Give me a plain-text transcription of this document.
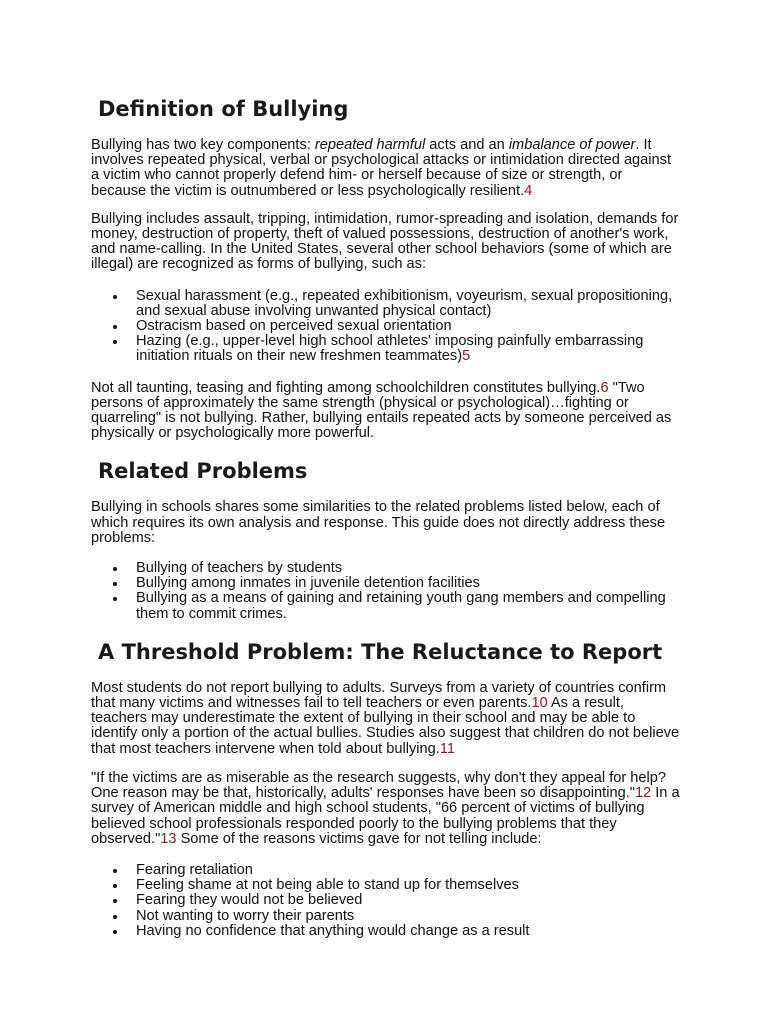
Definition of Bullying

Bullying has two key components: repeated harmful acts and an imbalance of power. It involves repeated physical, verbal or psychological attacks or intimidation directed against a victim who cannot properly defend him- or herself because of size or strength, or because the victim is outnumbered or less psychologically resilient.4

Bullying includes assault, tripping, intimidation, rumor-spreading and isolation, demands for money, destruction of property, theft of valued possessions, destruction of another's work, and name-calling. In the United States, several other school behaviors (some of which are illegal) are recognized as forms of bullying, such as:

Sexual harassment (e.g., repeated exhibitionism, voyeurism, sexual propositioning, and sexual abuse involving unwanted physical contact)
Ostracism based on perceived sexual orientation
Hazing (e.g., upper-level high school athletes' imposing painfully embarrassing initiation rituals on their new freshmen teammates)5

Not all taunting, teasing and fighting among schoolchildren constitutes bullying.6 "Two persons of approximately the same strength (physical or psychological)…fighting or quarreling" is not bullying. Rather, bullying entails repeated acts by someone perceived as physically or psychologically more powerful.

Related Problems

Bullying in schools shares some similarities to the related problems listed below, each of which requires its own analysis and response. This guide does not directly address these problems:

Bullying of teachers by students
Bullying among inmates in juvenile detention facilities
Bullying as a means of gaining and retaining youth gang members and compelling them to commit crimes.
A Threshold Problem: The Reluctance to Report

Most students do not report bullying to adults. Surveys from a variety of countries confirm that many victims and witnesses fail to tell teachers or even parents.10 As a result, teachers may underestimate the extent of bullying in their school and may be able to identify only a portion of the actual bullies. Studies also suggest that children do not believe that most teachers intervene when told about bullying.11

"If the victims are as miserable as the research suggests, why don't they appeal for help? One reason may be that, historically, adults' responses have been so disappointing."12 In a survey of American middle and high school students, "66 percent of victims of bullying believed school professionals responded poorly to the bullying problems that they observed."13 Some of the reasons victims gave for not telling include:

Fearing retaliation
Feeling shame at not being able to stand up for themselves
Fearing they would not be believed
Not wanting to worry their parents
Having no confidence that anything would change as a result
